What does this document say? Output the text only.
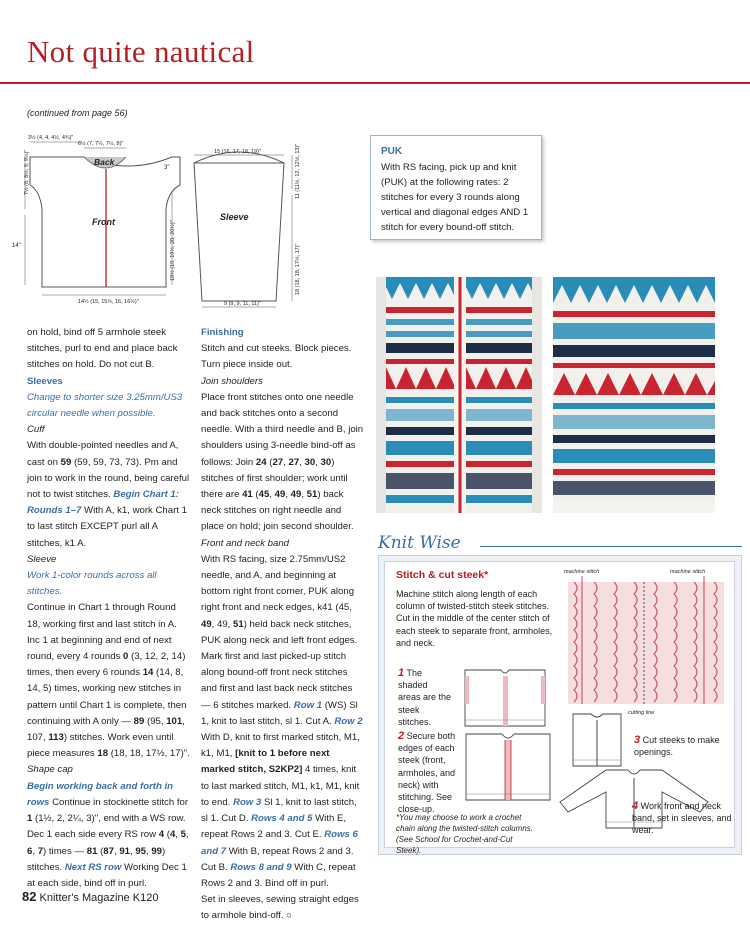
Not quite nautical
(continued from page 56)
Back
Front
3½ (4, 4, 4½, 4¾)"
6½ (7, 7½, 7½, 8)"
7½ (8, 8½, 9, 9½)"
14"
3"
18½ (19, 19½, 20, 20½)"
14½ (15, 15½, 16, 16½)"
Sleeve
15 (16, 17, 18, 19)"	11 (11½, 12, 12½, 13)"
18 (18, 18, 17½, 17)"
9 (9, 9, 11, 11)"

on hold, bind off 5 armhole steek stitches, purl to end and place back stitches on hold. Do not cut B.

Sleeves

Change to shorter size 3.25mm/US3 circular needle when possible.

Cuff

With double-pointed needles and A, cast on 59 (59, 59, 73, 73). Pm and join to work in the round, being careful not to twist stitches. Begin Chart 1: Rounds 1–7 With A, k1, work Chart 1 to last stitch EXCEPT purl all A stitches, k1 A.

Sleeve

Work 1-color rounds across all stitches.

Continue in Chart 1 through Round 18, working first and last stitch in A.

Inc 1 at beginning and end of next round, every 4 rounds 0 (3, 12, 2, 14) times, then every 6 rounds 14 (14, 8, 14, 5) times, working new stitches in pattern until Chart 1 is complete, then continuing with A only — 89 (95, 101, 107, 113) stitches. Work even until piece measures 18 (18, 18, 17½, 17)".

Shape cap

Begin working back and forth in rows Continue in stockinette stitch for 1 (1½, 2, 2¼, 3)", end with a WS row. Dec 1 each side every RS row 4 (4, 5, 6, 7) times — 81 (87, 91, 95, 99) stitches. Next RS row Working Dec 1 at each side, bind off in purl.

Finishing

Stitch and cut steeks. Block pieces. Turn piece inside out.

Join shoulders

Place front stitches onto one needle and back stitches onto a second needle. With a third needle and B, join shoulders using 3-needle bind-off as follows: Join 24 (27, 27, 30, 30) stitches of first shoulder; work until there are 41 (45, 49, 49, 51) back neck stitches on right needle and place on hold; join second shoulder.

Front and neck band

With RS facing, size 2.75mm/US2 needle, and A, and beginning at bottom right front corner, PUK along right front and neck edges, k41 (45, 49, 49, 51) held back neck stitches, PUK along neck and left front edges. Mark first and last picked-up stitch along bound-off front neck stitches and first and last back neck stitches — 6 stitches marked. Row 1 (WS) Sl 1, knit to last stitch, sl 1. Cut A. Row 2 With D, knit to first marked stitch, M1, k1, M1, [knit to 1 before next marked stitch, S2KP2] 4 times, knit to last marked stitch, M1, k1, M1, knit to end. Row 3 Sl 1, knit to last stitch, sl 1. Cut D. Rows 4 and 5 With E, repeat Rows 2 and 3. Cut E. Rows 6 and 7 With B, repeat Rows 2 and 3. Cut B. Rows 8 and 9 With C, repeat Rows 2 and 3. Bind off in purl.

Set in sleeves, sewing straight edges to armhole bind-off. ○

PUK
With RS facing, pick up and knit (PUK) at the following rates: 2 stitches for every 3 rounds along vertical and diagonal edges AND 1 stitch for every bound-off stitch.
Knit Wise
Stitch & cut steek*
Machine stitch along length of each column of twisted-stitch steek stitches. Cut in the middle of the center stitch of each steek to separate front, armholes, and neck.
machine stitch	machine stitch
cutting line
1 The shaded areas are the steek stitches.
2 Secure both edges of each steek (front, armholes, and neck) with stitching. See close-up.
3 Cut steeks to make openings.
4 Work front and neck band, set in sleeves, and wear.
*You may choose to work a crochet chain along the twisted-stitch columns. (See School for Crochet-and-Cut Steek).
82 Knitter's Magazine K120
